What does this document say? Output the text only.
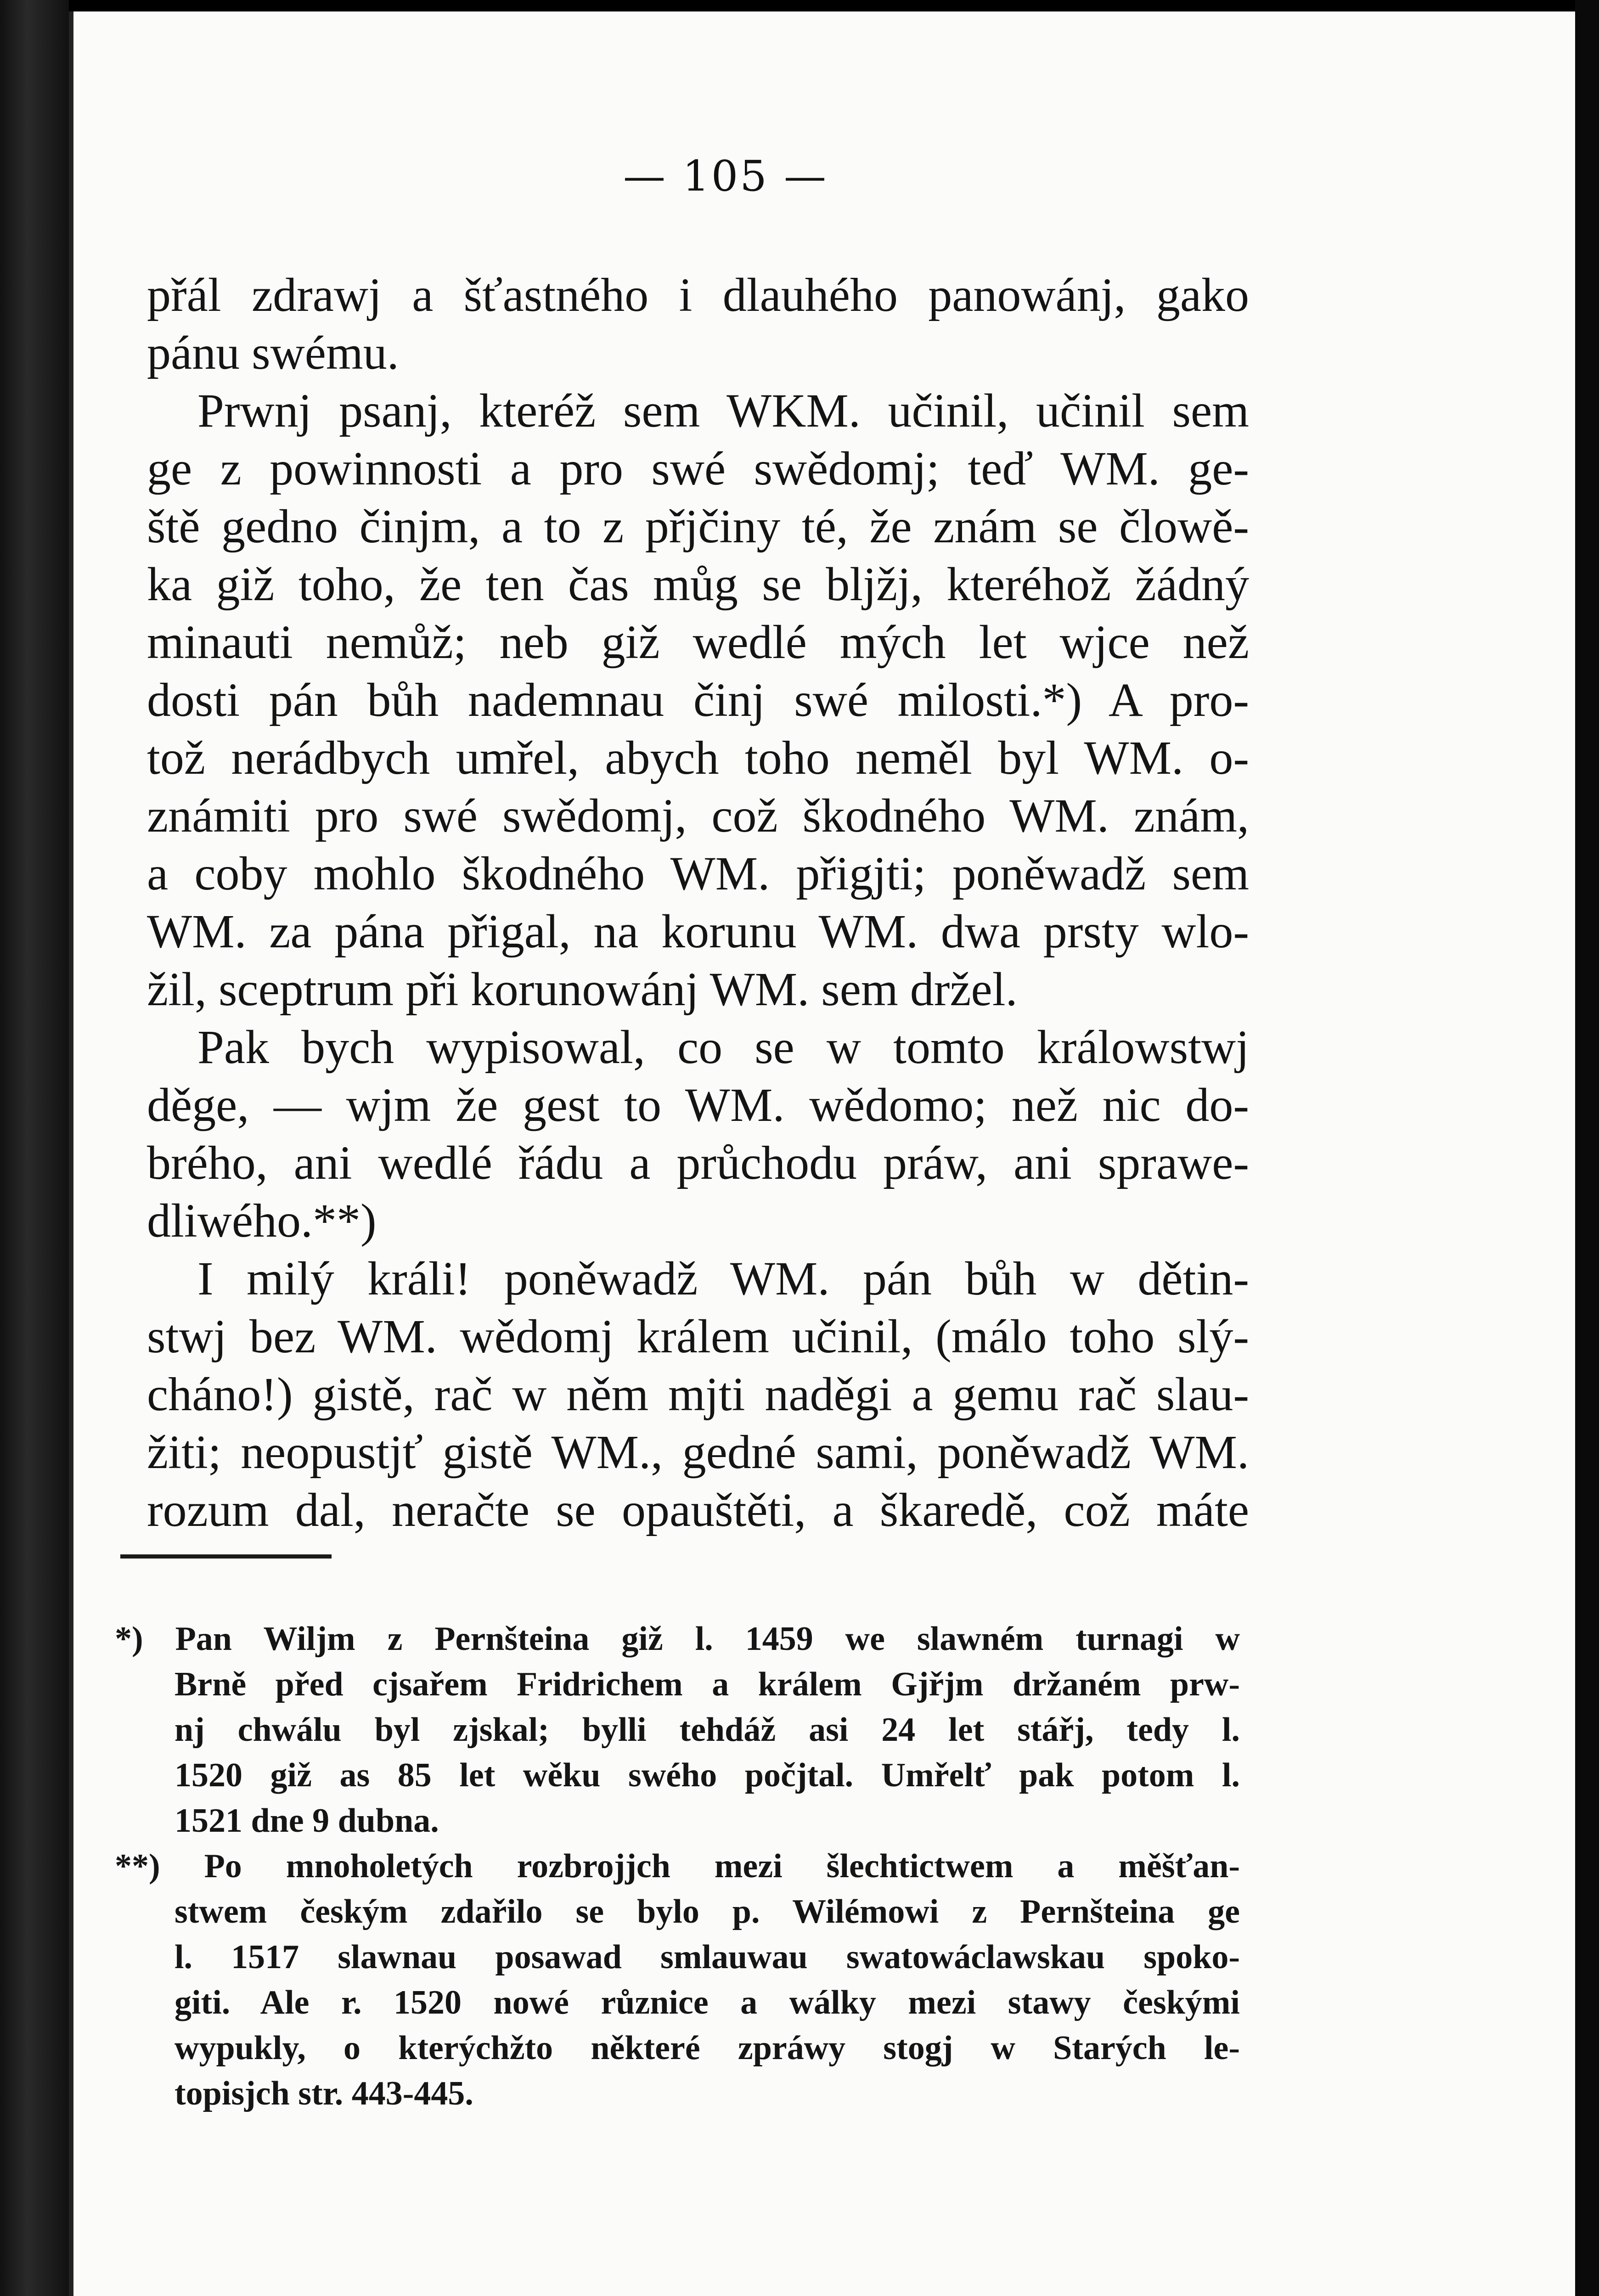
— 105 —
přál zdrawj a šťastného i dlauhého panowánj, gako
pánu swému.
Prwnj psanj, kteréž sem WKM. učinil, učinil sem
ge z powinnosti a pro swé swědomj; teď WM. ge-
ště gedno činjm, a to z přjčiny té, že znám se člowě-
ka giž toho, že ten čas můg se bljžj, kteréhož žádný
minauti nemůž; neb giž wedlé mých let wjce než
dosti pán bůh nademnau činj swé milosti.*) A pro-
tož nerádbych umřel, abych toho neměl byl WM. o-
známiti pro swé swědomj, což škodného WM. znám,
a coby mohlo škodného WM. přigjti; poněwadž sem
WM. za pána přigal, na korunu WM. dwa prsty wlo-
žil, sceptrum při korunowánj WM. sem držel.
Pak bych wypisowal, co se w tomto králowstwj
děge, — wjm že gest to WM. wědomo; než nic do-
brého, ani wedlé řádu a průchodu práw, ani sprawe-
dliwého.**)
I milý králi! poněwadž WM. pán bůh w dětin-
stwj bez WM. wědomj králem učinil, (málo toho slý-
cháno!) gistě, rač w něm mjti naděgi a gemu rač slau-
žiti; neopustjť gistě WM., gedné sami, poněwadž WM.
rozum dal, neračte se opauštěti, a škaredě, což máte
*) Pan Wiljm z Pernšteina giž l. 1459 we slawném turnagi w
Brně před cjsařem Fridrichem a králem Gjřjm držaném prw-
nj chwálu byl zjskal; bylli tehdáž asi 24 let stářj, tedy l.
1520 giž as 85 let wěku swého počjtal. Umřelť pak potom l.
1521 dne 9 dubna.
**) Po mnoholetých rozbrojjch mezi šlechtictwem a měšťan-
stwem českým zdařilo se bylo p. Wilémowi z Pernšteina ge
l. 1517 slawnau posawad smlauwau swatowáclawskau spoko-
giti. Ale r. 1520 nowé různice a wálky mezi stawy českými
wypukly, o kterýchžto některé zpráwy stogj w Starých le-
topisjch str. 443-445.
